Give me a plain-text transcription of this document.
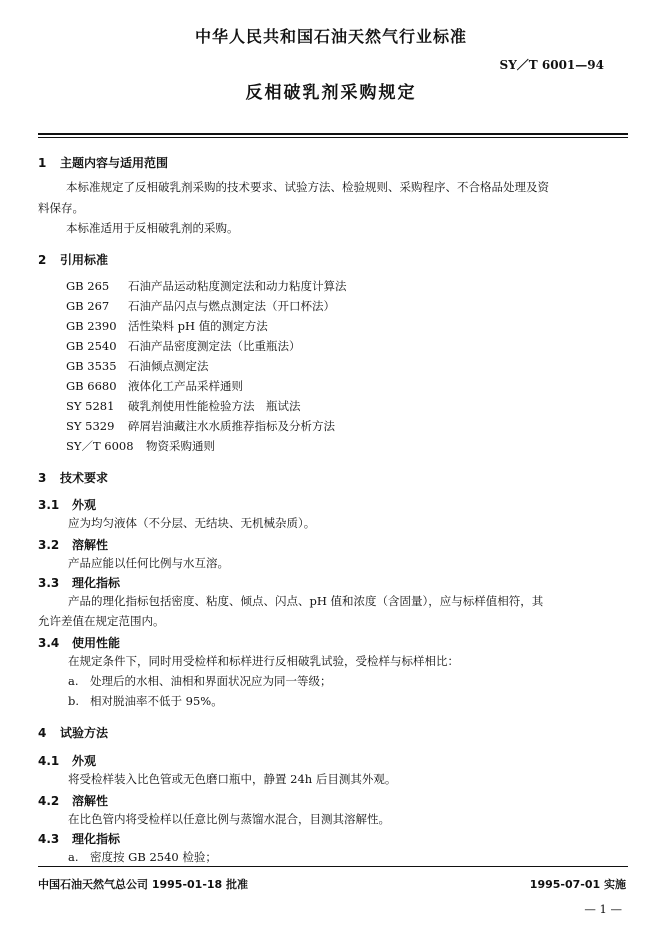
中华人民共和国石油天然气行业标准
SY／T 6001—94
反相破乳剂采购规定
1 主题内容与适用范围
本标准规定了反相破乳剂采购的技术要求、试验方法、检验规则、采购程序、不合格品处理及资
料保存。
本标准适用于反相破乳剂的采购。
2 引用标准
GB 265 石油产品运动粘度测定法和动力粘度计算法
GB 267 石油产品闪点与燃点测定法（开口杯法）
GB 2390 活性染料 pH 值的测定方法
GB 2540 石油产品密度测定法（比重瓶法）
GB 3535 石油倾点测定法
GB 6680 液体化工产品采样通则
SY 5281 破乳剂使用性能检验方法　瓶试法
SY 5329 碎屑岩油藏注水水质推荐指标及分析方法
SY／T 6008 物资采购通则
3 技术要求
3.1 外观
应为均匀液体（不分层、无结块、无机械杂质）。
3.2 溶解性
产品应能以任何比例与水互溶。
3.3 理化指标
产品的理化指标包括密度、粘度、倾点、闪点、pH 值和浓度（含固量），应与标样值相符，其
允许差值在规定范围内。
3.4 使用性能
在规定条件下，同时用受检样和标样进行反相破乳试验，受检样与标样相比：
a. 处理后的水相、油相和界面状况应为同一等级；
b. 相对脱油率不低于 95%。
4 试验方法
4.1 外观
将受检样装入比色管或无色磨口瓶中，静置 24h 后目测其外观。
4.2 溶解性
在比色管内将受检样以任意比例与蒸馏水混合，目测其溶解性。
4.3 理化指标
a. 密度按 GB 2540 检验；
中国石油天然气总公司 1995-01-18 批准	1995-07-01 实施
— 1 —
